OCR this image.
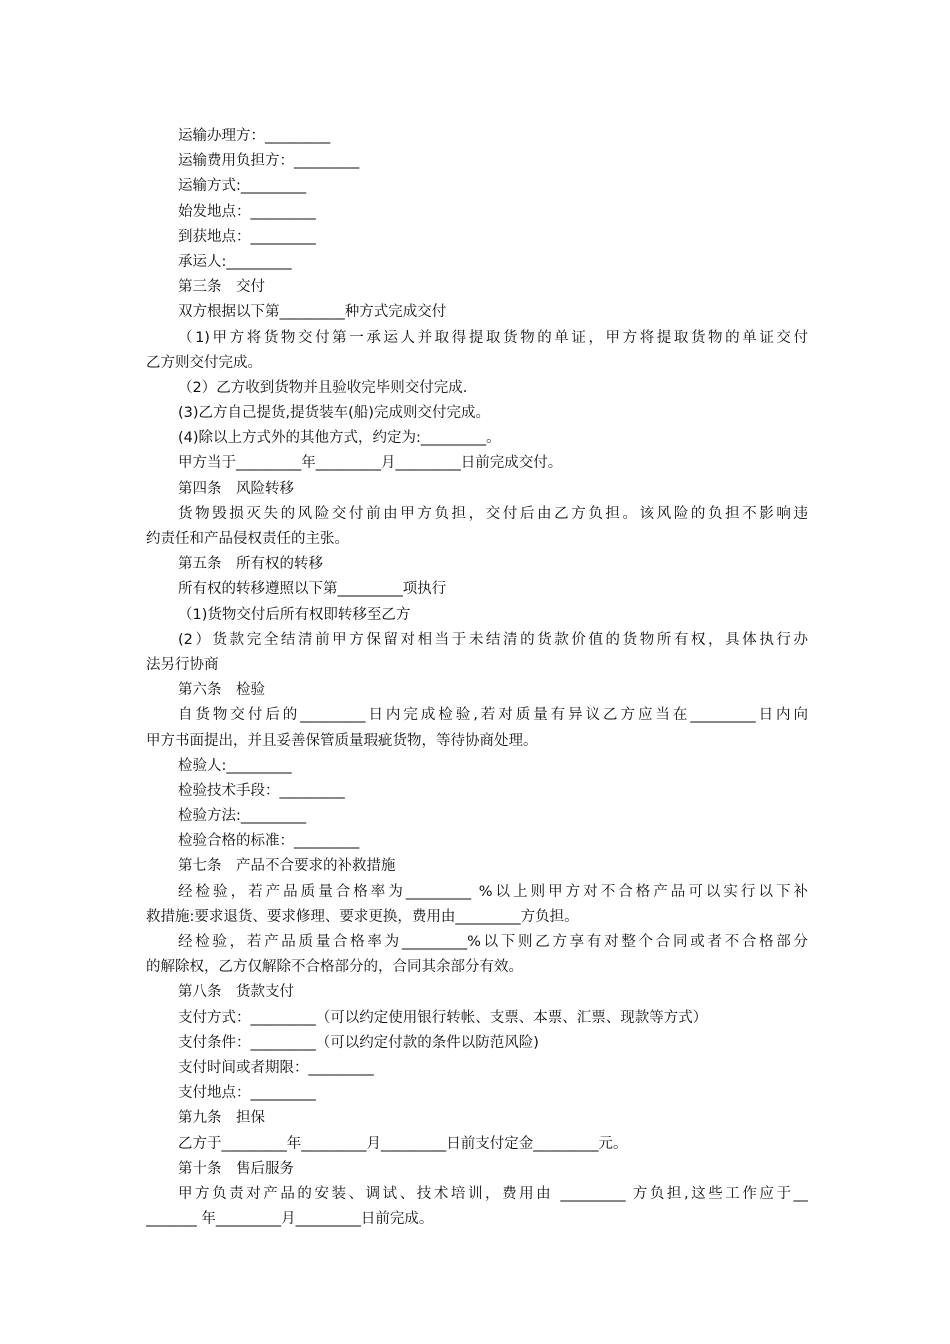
运输办理方：_________
运输费用负担方：_________
运输方式:_________
始发地点：_________
到获地点：_________
承运人:_________
第三条　交付
双方根据以下第_________种方式完成交付
（1)甲方将货物交付第一承运人并取得提取货物的单证，甲方将提取货物的单证交付
乙方则交付完成。
（2）乙方收到货物并且验收完毕则交付完成.
(3)乙方自己提货,提货装车(船)完成则交付完成。
(4)除以上方式外的其他方式，约定为:_________。
甲方当于_________年_________月_________日前完成交付。
第四条　风险转移
货物毁损灭失的风险交付前由甲方负担，交付后由乙方负担。该风险的负担不影响违
约责任和产品侵权责任的主张。
第五条　所有权的转移
所有权的转移遵照以下第_________项执行
（1)货物交付后所有权即转移至乙方
(2）货款完全结清前甲方保留对相当于未结清的货款价值的货物所有权，具体执行办
法另行协商
第六条　检验
自货物交付后的_________日内完成检验,若对质量有异议乙方应当在_________日内向
甲方书面提出，并且妥善保管质量瑕疵货物，等待协商处理。
检验人:_________
检验技术手段：_________
检验方法:_________
检验合格的标准：_________
第七条　产品不合要求的补救措施
经检验，若产品质量合格率为_________ %以上则甲方对不合格产品可以实行以下补
救措施:要求退货、要求修理、要求更换，费用由_________方负担。
经检验，若产品质量合格率为_________%以下则乙方享有对整个合同或者不合格部分
的解除权，乙方仅解除不合格部分的，合同其余部分有效。
第八条　货款支付
支付方式：_________（可以约定使用银行转帐、支票、本票、汇票、现款等方式）
支付条件：_________（可以约定付款的条件以防范风险)
支付时间或者期限：_________
支付地点：_________
第九条　担保
乙方于_________年_________月_________日前支付定金_________元。
第十条　售后服务
甲方负责对产品的安装、调试、技术培训，费用由 _________ 方负担,这些工作应于__
_______ 年_________月_________日前完成。
